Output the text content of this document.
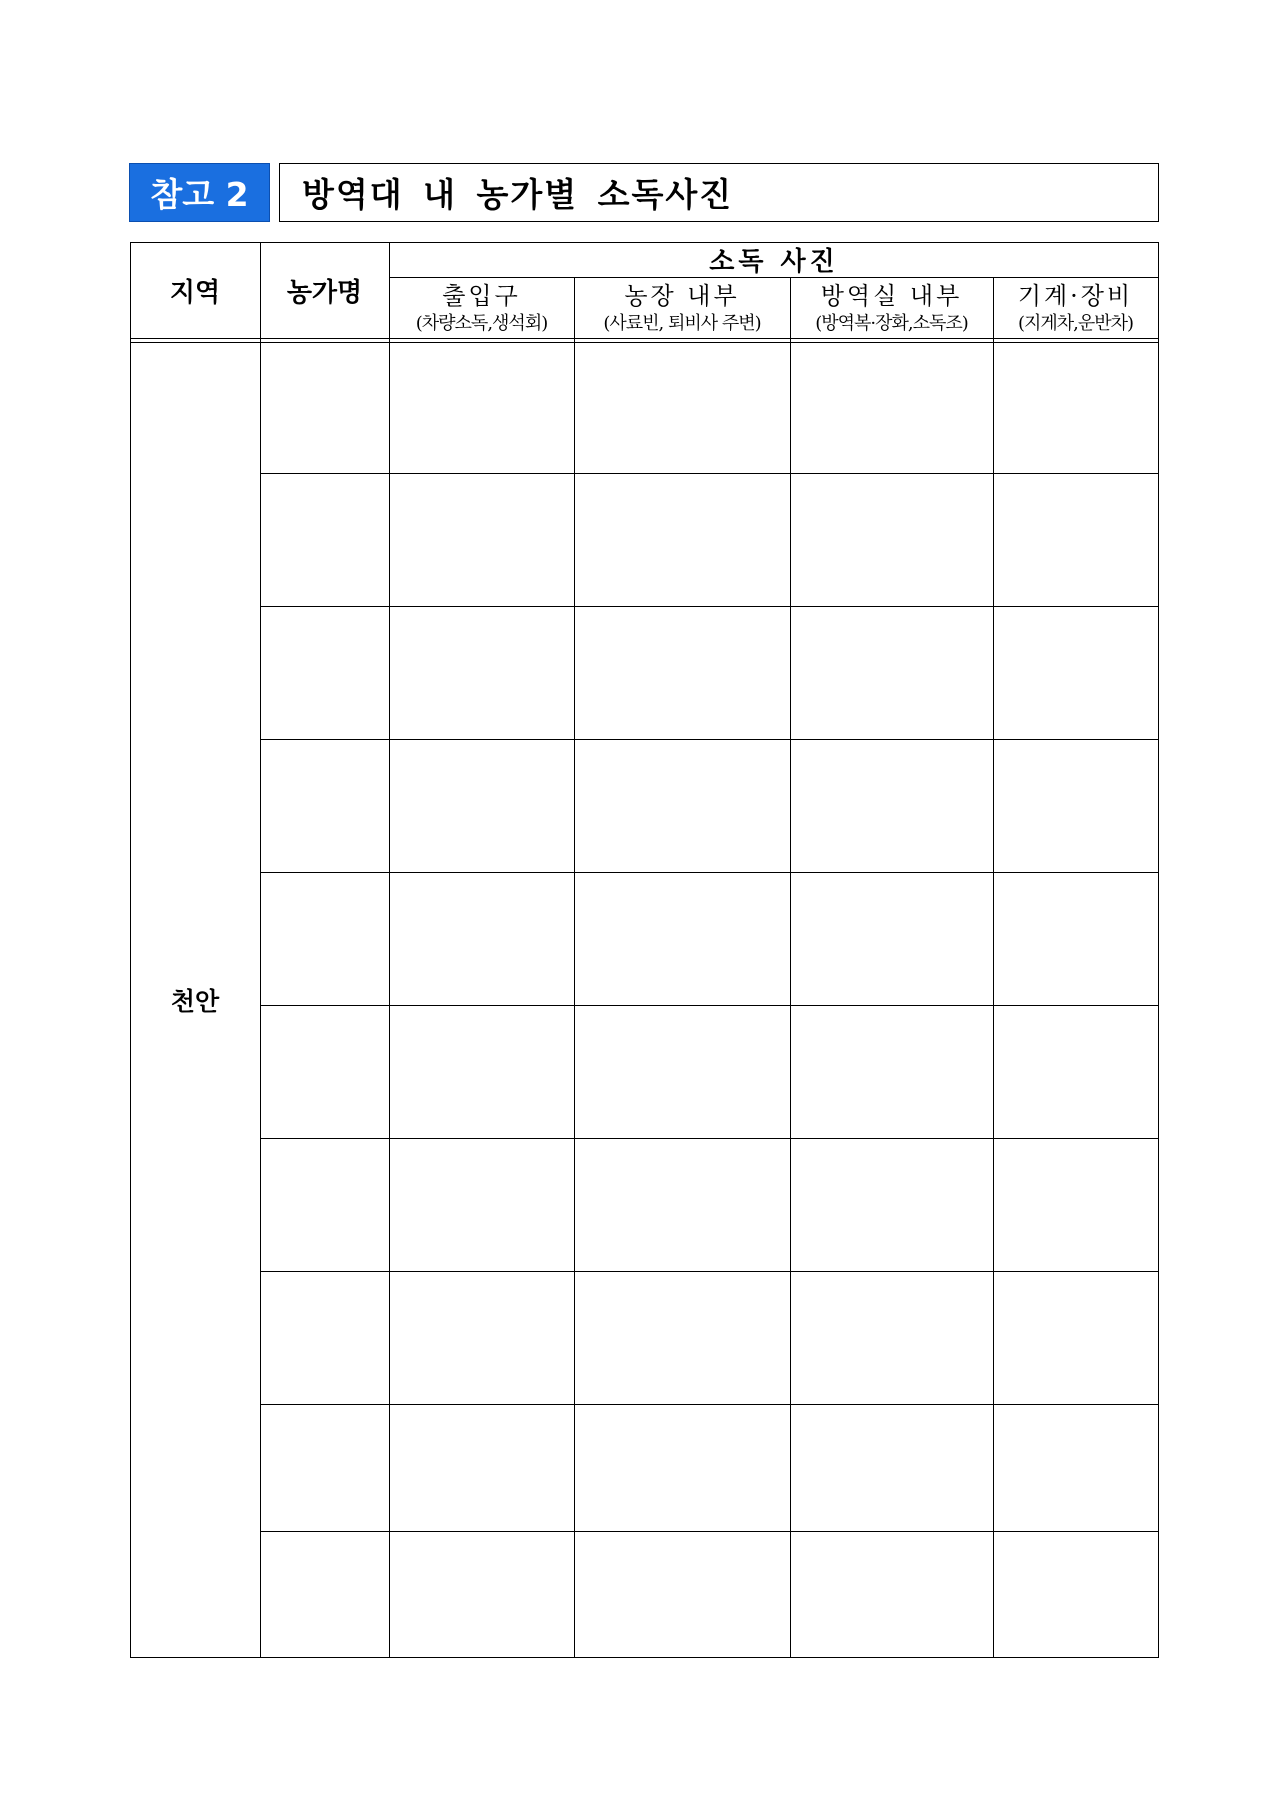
참고 2 방역대 내 농가별 소독사진
지역	농가명
소독 사진
출입구
(차량소독,생석회)
농장 내부
(사료빈, 퇴비사 주변)
방역실 내부
(방역복·장화,소독조)
기계·장비
(지게차,운반차)
천안
